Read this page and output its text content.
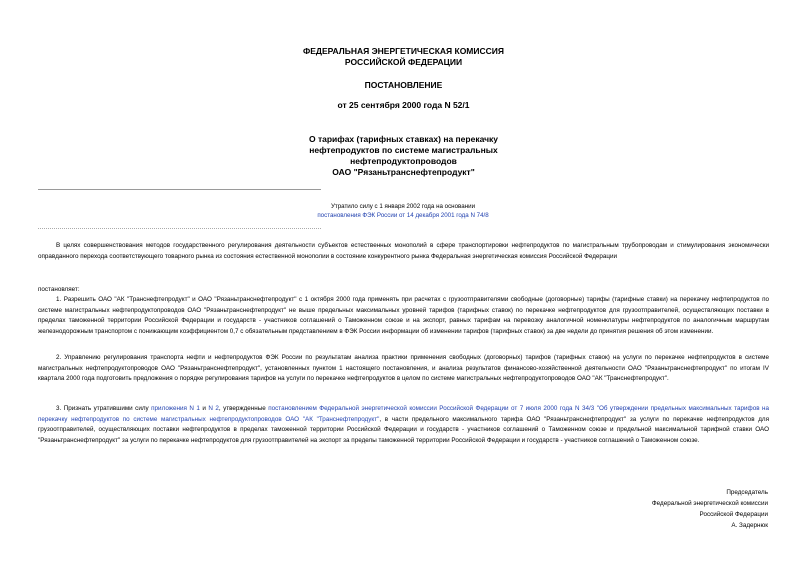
ФЕДЕРАЛЬНАЯ ЭНЕРГЕТИЧЕСКАЯ КОМИССИЯ
РОССИЙСКОЙ ФЕДЕРАЦИИ
ПОСТАНОВЛЕНИЕ
от 25 сентября 2000 года N 52/1
О тарифах (тарифных ставках) на перекачку
нефтепродуктов по системе магистральных
нефтепродуктопроводов
ОАО "Рязаньтранснефтепродукт"
Утратило силу с 1 января 2002 года на основании
постановления ФЭК России от 14 декабря 2001 года N 74/8
В целях совершенствования методов государственного регулирования деятельности субъектов естественных монополий в сфере транспортировки нефтепродуктов по магистральным трубопроводам и стимулирования экономически оправданного перехода соответствующего товарного рынка из состояния естественной монополии в состояние конкурентного рынка Федеральная энергетическая комиссия Российской Федерации
постановляет:
1. Разрешить ОАО "АК "Транснефтепродукт" и ОАО "Рязаньтранснефтепродукт" с 1 октября 2000 года применять при расчетах с грузоотправителями свободные (договорные) тарифы (тарифные ставки) на перекачку нефтепродуктов по системе магистральных нефтепродуктопроводов ОАО "Рязаньтранснефтепродукт" не выше предельных максимальных уровней тарифов (тарифных ставок) по перекачке нефтепродуктов для грузоотправителей, осуществляющих поставки в пределах таможенной территории Российской Федерации и государств - участников соглашений о Таможенном союзе и на экспорт, равных тарифам на перевозку аналогичной номенклатуры нефтепродуктов по аналогичным маршрутам железнодорожным транспортом с понижающим коэффициентом 0,7 с обязательным представлением в ФЭК России информации об изменении тарифов (тарифных ставок) за две недели до принятия решения об этом изменении.
2. Управлению регулирования транспорта нефти и нефтепродуктов ФЭК России по результатам анализа практики применения свободных (договорных) тарифов (тарифных ставок) на услуги по перекачке нефтепродуктов в системе магистральных нефтепродуктопроводов ОАО "Рязаньтранснефтепродукт", установленных пунктом 1 настоящего постановления, и анализа результатов финансово-хозяйственной деятельности ОАО "Рязаньтранснефтепродукт" по итогам IV квартала 2000 года подготовить предложения о порядке регулирования тарифов на услуги по перекачке нефтепродуктов в целом по системе магистральных нефтепродуктопроводов ОАО "АК "Транснефтепродукт".
3. Признать утратившими силу приложения N 1 и N 2, утвержденные постановлением Федеральной энергетической комиссии Российской Федерации от 7 июля 2000 года N 34/3 "Об утверждении предельных максимальных тарифов на перекачку нефтепродуктов по системе магистральных нефтепродуктопроводов ОАО "АК "Транснефтепродукт", в части предельного максимального тарифа ОАО "Рязаньтранснефтепродукт" за услуги по перекачке нефтепродуктов для грузоотправителей, осуществляющих поставки нефтепродуктов в пределах таможенной территории Российской Федерации и государств - участников соглашений о Таможенном союзе и предельной максимальной тарифной ставки ОАО "Рязаньтранснефтепродукт" за услуги по перекачке нефтепродуктов для грузоотправителей на экспорт за пределы таможенной территории Российской Федерации и государств - участников соглашений о Таможенном союзе.
Председатель
Федеральной энергетической комиссии
Российской Федерации
А. Задернюк
